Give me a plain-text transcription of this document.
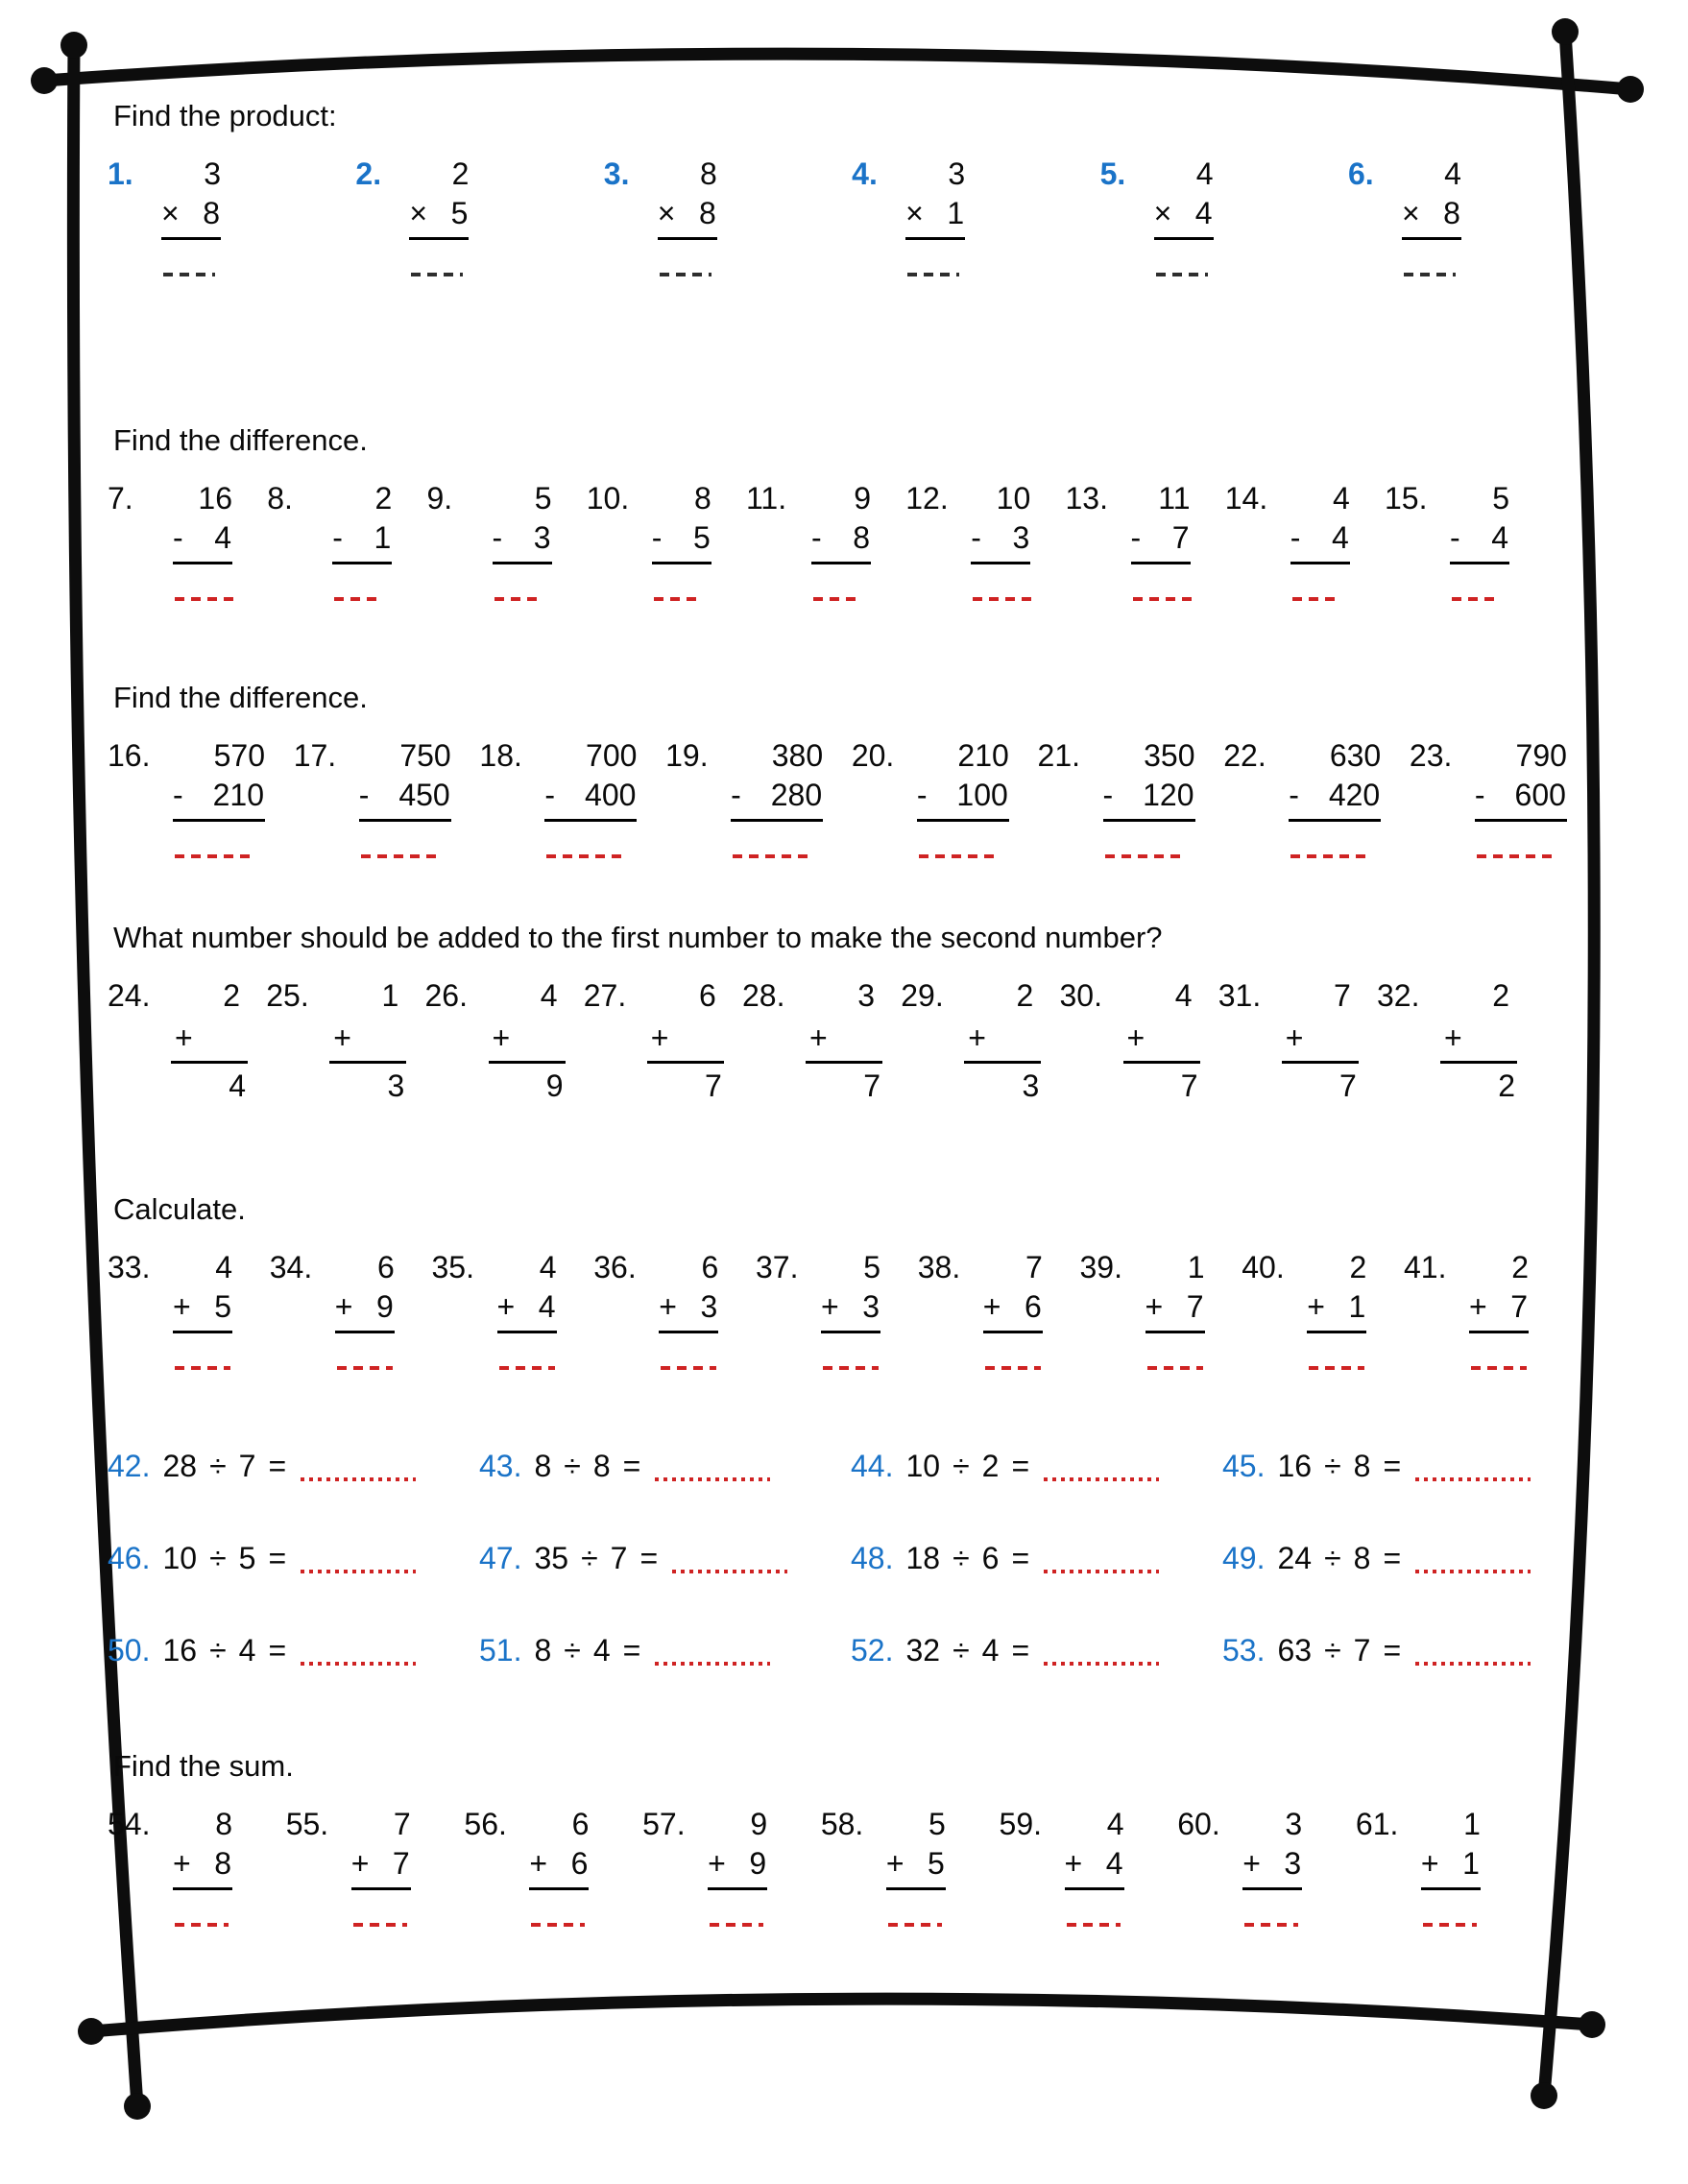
Find the product:
1.	3
× 8
2.	2
× 5
3.	8
× 8
4.	3
× 1
5.	4
× 4
6.	4
× 8
Find the difference.
7.	16
- 4
8.	2
- 1
9.	5
- 3
10.	8
- 5
11.	9
- 8
12.	10
- 3
13.	11
- 7
14.	4
- 4
15.	5
- 4
Find the difference.
16.	570
- 210
17.	750
- 450
18.	700
- 400
19.	380
- 280
20.	210
- 100
21.	350
- 120
22.	630
- 420
23.	790
- 600
What number should be added to the first number to make the second number?
24.	2
+
4
25.	1
+
3
26.	4
+
9
27.	6
+
7
28.	3
+
7
29.	2
+
3
30.	4
+
7
31.	7
+
7
32.	2
+
2
Calculate.
33.	4
+ 5
34.	6
+ 9
35.	4
+ 4
36.	6
+ 3
37.	5
+ 3
38.	7
+ 6
39.	1
+ 7
40.	2
+ 1
41.	2
+ 7
42. 28 ÷ 7 =	43. 8 ÷ 8 =	44. 10 ÷ 2 =	45. 16 ÷ 8 =
46. 10 ÷ 5 =	47. 35 ÷ 7 =	48. 18 ÷ 6 =	49. 24 ÷ 8 =
50. 16 ÷ 4 =	51. 8 ÷ 4 =	52. 32 ÷ 4 =	53. 63 ÷ 7 =
Find the sum.
54.	8
+ 8
55.	7
+ 7
56.	6
+ 6
57.	9
+ 9
58.	5
+ 5
59.	4
+ 4
60.	3
+ 3
61.	1
+ 1
